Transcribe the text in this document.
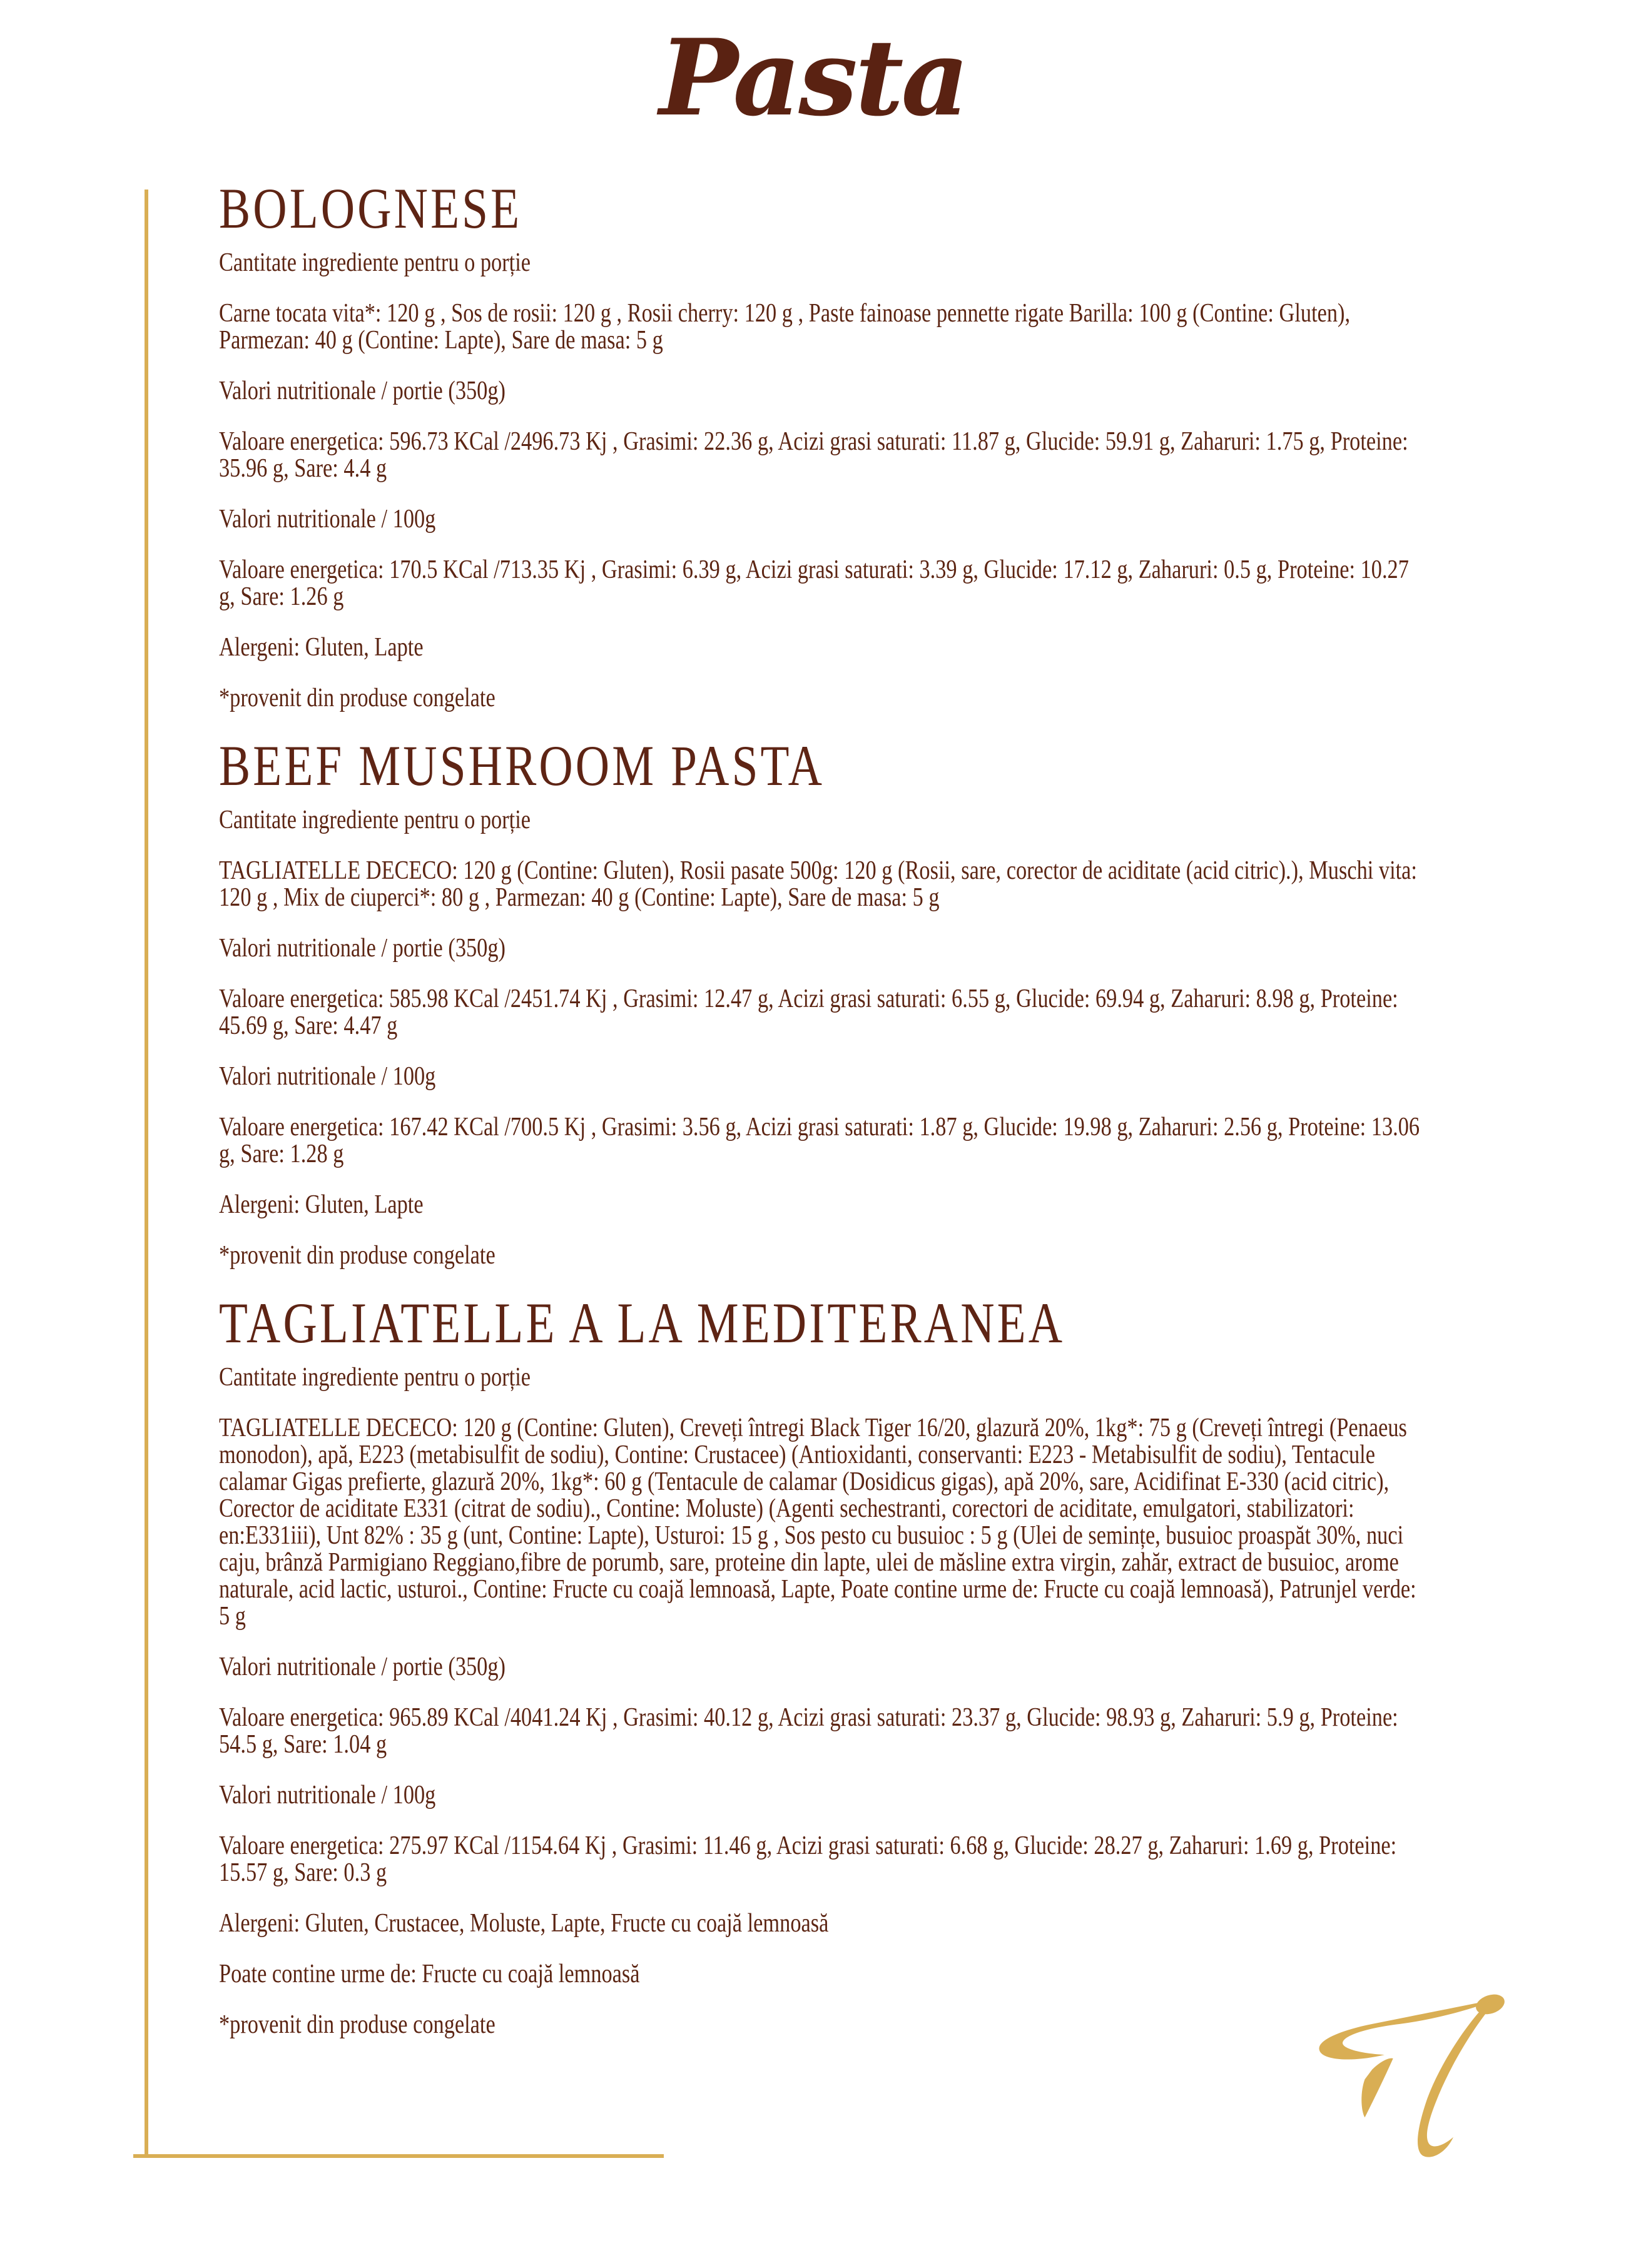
Pasta
BOLOGNESE

Cantitate ingrediente pentru o porție

Carne tocata vita*: 120 g , Sos de rosii: 120 g , Rosii cherry: 120 g , Paste fainoase pennette rigate Barilla: 100 g (Contine: Gluten), Parmezan: 40 g (Contine: Lapte), Sare de masa: 5 g

Valori nutritionale / portie (350g)

Valoare energetica: 596.73 KCal /2496.73 Kj , Grasimi: 22.36 g, Acizi grasi saturati: 11.87 g, Glucide: 59.91 g, Zaharuri: 1.75 g, Proteine: 35.96 g, Sare: 4.4 g

Valori nutritionale / 100g

Valoare energetica: 170.5 KCal /713.35 Kj , Grasimi: 6.39 g, Acizi grasi saturati: 3.39 g, Glucide: 17.12 g, Zaharuri: 0.5 g, Proteine: 10.27 g, Sare: 1.26 g

Alergeni: Gluten, Lapte

*provenit din produse congelate

BEEF MUSHROOM PASTA

Cantitate ingrediente pentru o porție

TAGLIATELLE DECECO: 120 g (Contine: Gluten), Rosii pasate 500g: 120 g (Rosii, sare, corector de aciditate (acid citric).), Muschi vita: 120 g , Mix de ciuperci*: 80 g , Parmezan: 40 g (Contine: Lapte), Sare de masa: 5 g

Valori nutritionale / portie (350g)

Valoare energetica: 585.98 KCal /2451.74 Kj , Grasimi: 12.47 g, Acizi grasi saturati: 6.55 g, Glucide: 69.94 g, Zaharuri: 8.98 g, Proteine: 45.69 g, Sare: 4.47 g

Valori nutritionale / 100g

Valoare energetica: 167.42 KCal /700.5 Kj , Grasimi: 3.56 g, Acizi grasi saturati: 1.87 g, Glucide: 19.98 g, Zaharuri: 2.56 g, Proteine: 13.06 g, Sare: 1.28 g

Alergeni: Gluten, Lapte

*provenit din produse congelate

TAGLIATELLE A LA MEDITERANEA

Cantitate ingrediente pentru o porție

TAGLIATELLE DECECO: 120 g (Contine: Gluten), Creveți întregi Black Tiger 16/20, glazură 20%, 1kg*: 75 g (Creveți întregi (Penaeus monodon), apă, E223 (metabisulfit de sodiu), Contine: Crustacee) (Antioxidanti, conservanti: E223 - Metabisulfit de sodiu), Tentacule calamar Gigas prefierte, glazură 20%, 1kg*: 60 g (Tentacule de calamar (Dosidicus gigas), apă 20%, sare, Acidifinat E-330 (acid citric), Corector de aciditate E331 (citrat de sodiu)., Contine: Moluste) (Agenti sechestranti, corectori de aciditate, emulgatori, stabilizatori: en:E331iii), Unt 82% : 35 g (unt, Contine: Lapte), Usturoi: 15 g , Sos pesto cu busuioc : 5 g (Ulei de semințe, busuioc proaspăt 30%, nuci caju, brânză Parmigiano Reggiano,fibre de porumb, sare, proteine din lapte, ulei de măsline extra virgin, zahăr, extract de busuioc, arome naturale, acid lactic, usturoi., Contine: Fructe cu coajă lemnoasă, Lapte, Poate contine urme de: Fructe cu coajă lemnoasă), Patrunjel verde: 5 g

Valori nutritionale / portie (350g)

Valoare energetica: 965.89 KCal /4041.24 Kj , Grasimi: 40.12 g, Acizi grasi saturati: 23.37 g, Glucide: 98.93 g, Zaharuri: 5.9 g, Proteine: 54.5 g, Sare: 1.04 g

Valori nutritionale / 100g

Valoare energetica: 275.97 KCal /1154.64 Kj , Grasimi: 11.46 g, Acizi grasi saturati: 6.68 g, Glucide: 28.27 g, Zaharuri: 1.69 g, Proteine: 15.57 g, Sare: 0.3 g

Alergeni: Gluten, Crustacee, Moluste, Lapte, Fructe cu coajă lemnoasă

Poate contine urme de: Fructe cu coajă lemnoasă

*provenit din produse congelate
